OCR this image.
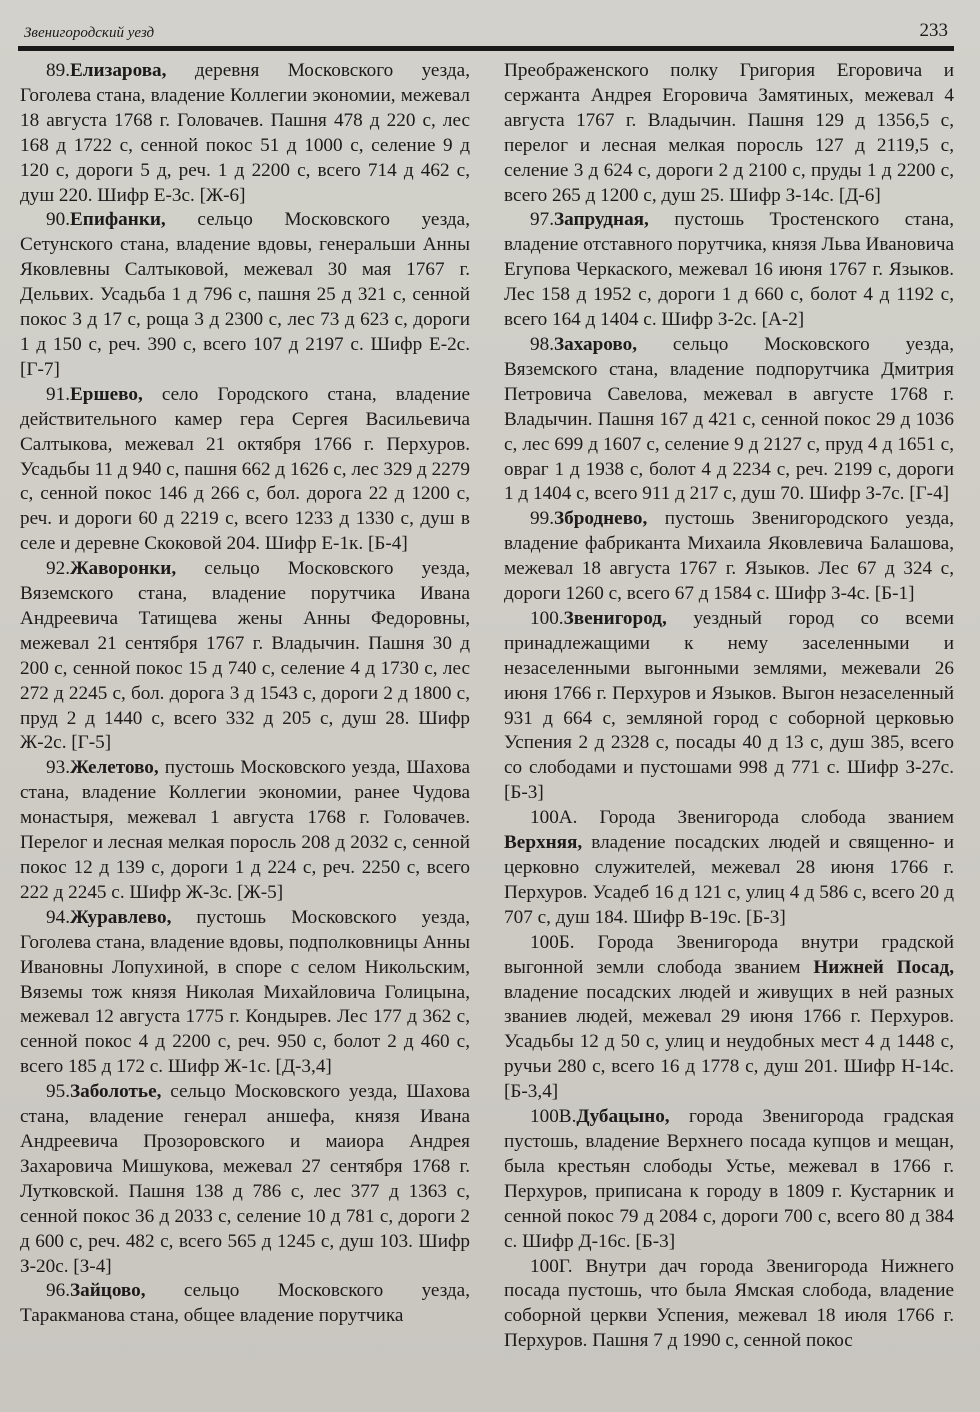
Звенигородский уезд	233

89.Елизарова, деревня Московского уезда, Гоголева стана, владение Коллегии экономии, межевал 18 августа 1768 г. Головачев. Пашня 478 д 220 с, лес 168 д 1722 с, сенной покос 51 д 1000 с, селение 9 д 120 с, дороги 5 д, реч. 1 д 2200 с, всего 714 д 462 с, душ 220. Шифр Е-3с. [Ж-6]

90.Епифанки, сельцо Московского уезда, Сетунского стана, владение вдовы, генеральши Анны Яковлевны Салтыковой, межевал 30 мая 1767 г. Дельвих. Усадьба 1 д 796 с, пашня 25 д 321 с, сенной покос 3 д 17 с, роща 3 д 2300 с, лес 73 д 623 с, дороги 1 д 150 с, реч. 390 с, всего 107 д 2197 с. Шифр Е-2с. [Г-7]

91.Ершево, село Городского стана, владение действительного камер гера Сергея Васильевича Салтыкова, межевал 21 октября 1766 г. Перхуров. Усадьбы 11 д 940 с, пашня 662 д 1626 с, лес 329 д 2279 с, сенной покос 146 д 266 с, бол. дорога 22 д 1200 с, реч. и дороги 60 д 2219 с, всего 1233 д 1330 с, душ в селе и деревне Скоковой 204. Шифр Е-1к. [Б-4]

92.Жаворонки, сельцо Московского уезда, Вяземского стана, владение порутчика Ивана Андреевича Татищева жены Анны Федоровны, межевал 21 сентября 1767 г. Владычин. Пашня 30 д 200 с, сенной покос 15 д 740 с, селение 4 д 1730 с, лес 272 д 2245 с, бол. дорога 3 д 1543 с, дороги 2 д 1800 с, пруд 2 д 1440 с, всего 332 д 205 с, душ 28. Шифр Ж-2с. [Г-5]

93.Желетово, пустошь Московского уезда, Шахова стана, владение Коллегии экономии, ранее Чудова монастыря, межевал 1 августа 1768 г. Головачев. Перелог и лесная мелкая поросль 208 д 2032 с, сенной покос 12 д 139 с, дороги 1 д 224 с, реч. 2250 с, всего 222 д 2245 с. Шифр Ж-3с. [Ж-5]

94.Журавлево, пустошь Московского уезда, Гоголева стана, владение вдовы, подполковницы Анны Ивановны Лопухиной, в споре с селом Никольским, Вяземы тож князя Николая Михайловича Голицына, межевал 12 августа 1775 г. Кондырев. Лес 177 д 362 с, сенной покос 4 д 2200 с, реч. 950 с, болот 2 д 460 с, всего 185 д 172 с. Шифр Ж-1с. [Д-3,4]

95.Заболотье, сельцо Московского уезда, Шахова стана, владение генерал аншефа, князя Ивана Андреевича Прозоровского и маиора Андрея Захаровича Мишукова, межевал 27 сентября 1768 г. Лутковской. Пашня 138 д 786 с, лес 377 д 1363 с, сенной покос 36 д 2033 с, селение 10 д 781 с, дороги 2 д 600 с, реч. 482 с, всего 565 д 1245 с, душ 103. Шифр З-20с. [З-4]

96.Зайцово, сельцо Московского уезда, Таракманова стана, общее владение порутчика

Преображенского полку Григория Егоровича и сержанта Андрея Егоровича Замятиных, межевал 4 августа 1767 г. Владычин. Пашня 129 д 1356,5 с, перелог и лесная мелкая поросль 127 д 2119,5 с, селение 3 д 624 с, дороги 2 д 2100 с, пруды 1 д 2200 с, всего 265 д 1200 с, душ 25. Шифр З-14с. [Д-6]

97.Запрудная, пустошь Тростенского стана, владение отставного порутчика, князя Льва Ивановича Егупова Черкаского, межевал 16 июня 1767 г. Языков. Лес 158 д 1952 с, дороги 1 д 660 с, болот 4 д 1192 с, всего 164 д 1404 с. Шифр З-2с. [А-2]

98.Захарово, сельцо Московского уезда, Вяземского стана, владение подпорутчика Дмитрия Петровича Савелова, межевал в августе 1768 г. Владычин. Пашня 167 д 421 с, сенной покос 29 д 1036 с, лес 699 д 1607 с, селение 9 д 2127 с, пруд 4 д 1651 с, овраг 1 д 1938 с, болот 4 д 2234 с, реч. 2199 с, дороги 1 д 1404 с, всего 911 д 217 с, душ 70. Шифр З-7с. [Г-4]

99.Зброднево, пустошь Звенигородского уезда, владение фабриканта Михаила Яковлевича Балашова, межевал 18 августа 1767 г. Языков. Лес 67 д 324 с, дороги 1260 с, всего 67 д 1584 с. Шифр З-4с. [Б-1]

100.Звенигород, уездный город со всеми принадлежащими к нему заселенными и незаселенными выгонными землями, межевали 26 июня 1766 г. Перхуров и Языков. Выгон незаселенный 931 д 664 с, земляной город с соборной церковью Успения 2 д 2328 с, посады 40 д 13 с, душ 385, всего со слободами и пустошами 998 д 771 с. Шифр З-27с. [Б-3]

100А. Города Звенигорода слобода званием Верхняя, владение посадских людей и священно- и церковно служителей, межевал 28 июня 1766 г. Перхуров. Усадеб 16 д 121 с, улиц 4 д 586 с, всего 20 д 707 с, душ 184. Шифр В-19с. [Б-3]

100Б. Города Звенигорода внутри градской выгонной земли слобода званием Нижней Посад, владение посадских людей и живущих в ней разных званиев людей, межевал 29 июня 1766 г. Перхуров. Усадьбы 12 д 50 с, улиц и неудобных мест 4 д 1448 с, ручьи 280 с, всего 16 д 1778 с, душ 201. Шифр Н-14с. [Б-3,4]

100В.Дубацыно, города Звенигорода градская пустошь, владение Верхнего посада купцов и мещан, была крестьян слободы Устье, межевал в 1766 г. Перхуров, приписана к городу в 1809 г. Кустарник и сенной покос 79 д 2084 с, дороги 700 с, всего 80 д 384 с. Шифр Д-16с. [Б-3]

100Г. Внутри дач города Звенигорода Нижнего посада пустошь, что была Ямская слобода, владение соборной церкви Успения, межевал 18 июля 1766 г. Перхуров. Пашня 7 д 1990 с, сенной покос
